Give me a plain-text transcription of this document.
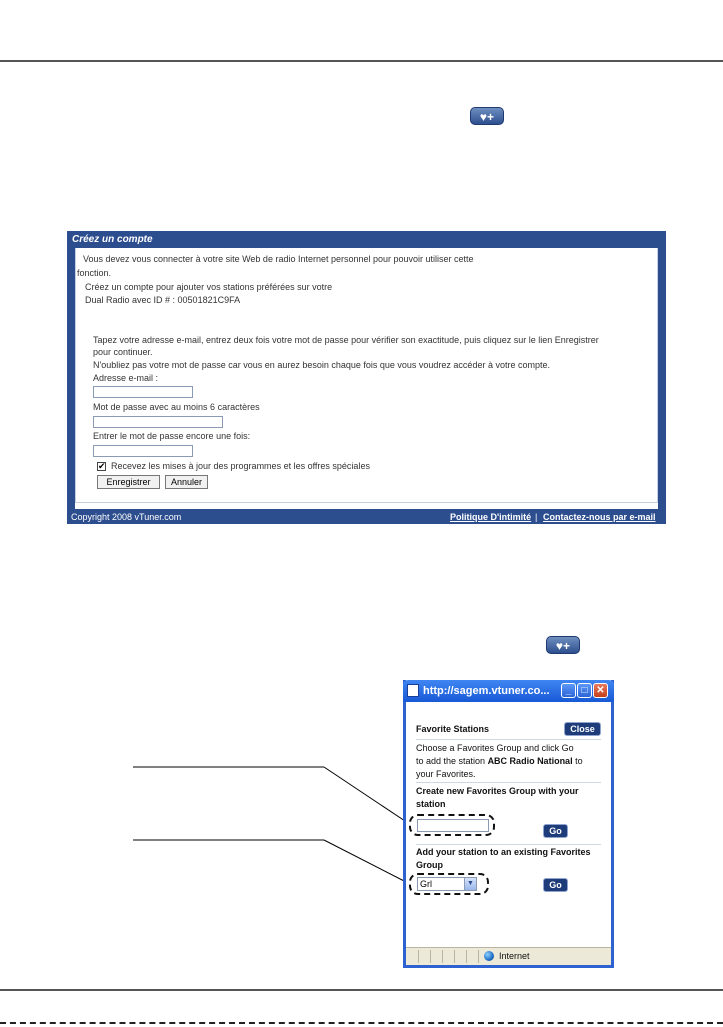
♥+
Créez un compte
Vous devez vous connecter à votre site Web de radio Internet personnel pour pouvoir utiliser cette
fonction.
Créez un compte pour ajouter vos stations préférées sur votre
Dual Radio avec ID # : 00501821C9FA
Tapez votre adresse e-mail, entrez deux fois votre mot de passe pour vérifier son exactitude, puis cliquez sur le lien Enregistrer
pour continuer.
N'oubliez pas votre mot de passe car vous en aurez besoin chaque fois que vous voudrez accéder à votre compte.
Adresse e-mail :
Mot de passe avec au moins 6 caractères
Entrer le mot de passe encore une fois:
✔ Recevez les mises à jour des programmes et les offres spéciales
Enregistrer	Annuler
Copyright 2008 vTuner.com	Politique D'intimité | Contactez-nous par e-mail
♥+
http://sagem.vtuner.co...	_	□ ✕
Favorite Stations	Close
Choose a Favorites Group and click Go
to add the station ABC Radio National to
your Favorites.
Create new Favorites Group with your
station
Go
Add your station to an existing Favorites
Group
Grl	▼	Go
Internet
